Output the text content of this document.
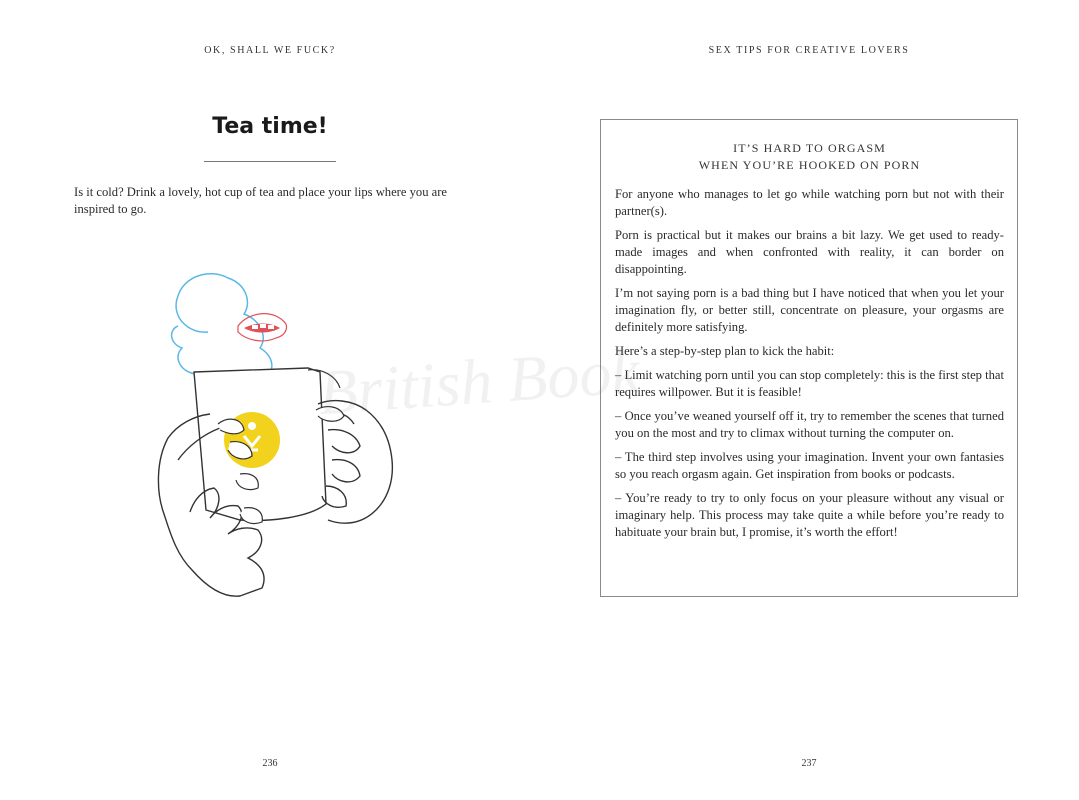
OK, SHALL WE FUCK?
Tea time!

Is it cold? Drink a lovely, hot cup of tea and place your lips where you are inspired to go.

236
SEX TIPS FOR CREATIVE LOVERS
IT’S HARD TO ORGASM
WHEN YOU’RE HOOKED ON PORN

For anyone who manages to let go while watching porn but not with their partner(s).

Porn is practical but it makes our brains a bit lazy. We get used to ready-made images and when confronted with reality, it can border on disappointing.

I’m not saying porn is a bad thing but I have noticed that when you let your imagination fly, or better still, concentrate on pleasure, your orgasms are definitely more satisfying.

Here’s a step-by-step plan to kick the habit:

– Limit watching porn until you can stop completely: this is the first step that requires willpower. But it is feasible!

– Once you’ve weaned yourself off it, try to remember the scenes that turned you on the most and try to climax without turning the computer on.

– The third step involves using your imagination. Invent your own fantasies so you reach orgasm again. Get inspiration from books or podcasts.

– You’re ready to try to only focus on your pleasure without any visual or imaginary help. This process may take quite a while before you’re ready to habituate your brain but, I promise, it’s worth the effort!

237
British Book
